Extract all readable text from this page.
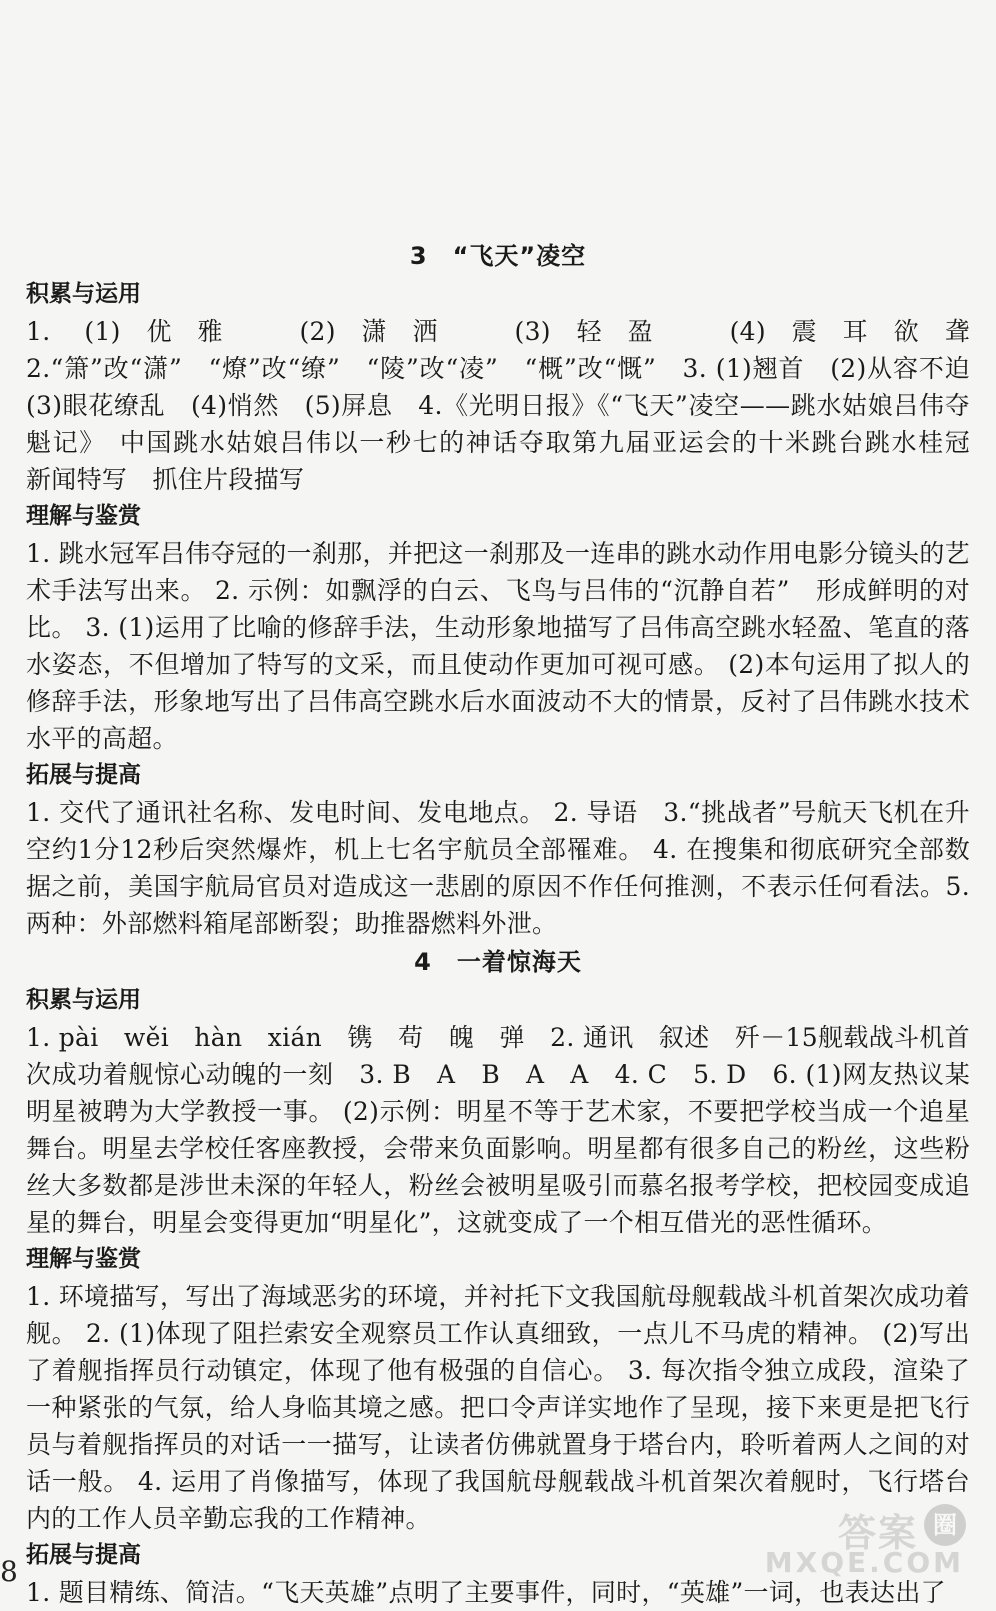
3　“飞天”凌空
积累与运用

1. (1)优雅　(2)潇洒　(3)轻盈　(4)震耳欲聋　2.“箫”改“潇”　“燎”改“缭”　“陵”改“凌”　“概”改“慨”　3. (1)翘首　(2)从容不迫　(3)眼花缭乱　(4)悄然　(5)屏息　4.《光明日报》《“飞天”凌空——跳水姑娘吕伟夺魁记》　中国跳水姑娘吕伟以一秒七的神话夺取第九届亚运会的十米跳台跳水桂冠　新闻特写　抓住片段描写

理解与鉴赏

1. 跳水冠军吕伟夺冠的一刹那，并把这一刹那及一连串的跳水动作用电影分镜头的艺术手法写出来。 2. 示例：如飘浮的白云、飞鸟与吕伟的“沉静自若”　形成鲜明的对比。 3. (1)运用了比喻的修辞手法，生动形象地描写了吕伟高空跳水轻盈、笔直的落水姿态，不但增加了特写的文采，而且使动作更加可视可感。 (2)本句运用了拟人的修辞手法，形象地写出了吕伟高空跳水后水面波动不大的情景，反衬了吕伟跳水技术水平的高超。

拓展与提高

1. 交代了通讯社名称、发电时间、发电地点。 2. 导语　3.“挑战者”号航天飞机在升空约1分12秒后突然爆炸，机上七名宇航员全部罹难。 4. 在搜集和彻底研究全部数据之前，美国宇航局官员对造成这一悲剧的原因不作任何推测，不表示任何看法。5. 两种：外部燃料箱尾部断裂；助推器燃料外泄。

4　一着惊海天
积累与运用

1. pài　wěi　hàn　xián　镌　苟　魄　弹　2. 通讯　叙述　歼－15舰载战斗机首次成功着舰惊心动魄的一刻　3. B　A　B　A　A　4. C　5. D　6. (1)网友热议某明星被聘为大学教授一事。 (2)示例：明星不等于艺术家，不要把学校当成一个追星舞台。明星去学校任客座教授，会带来负面影响。明星都有很多自己的粉丝，这些粉丝大多数都是涉世未深的年轻人，粉丝会被明星吸引而慕名报考学校，把校园变成追星的舞台，明星会变得更加“明星化”，这就变成了一个相互借光的恶性循环。

理解与鉴赏

1. 环境描写，写出了海域恶劣的环境，并衬托下文我国航母舰载战斗机首架次成功着舰。 2. (1)体现了阻拦索安全观察员工作认真细致，一点儿不马虎的精神。 (2)写出了着舰指挥员行动镇定，体现了他有极强的自信心。 3. 每次指令独立成段，渲染了一种紧张的气氛，给人身临其境之感。把口令声详实地作了呈现，接下来更是把飞行员与着舰指挥员的对话一一描写，让读者仿佛就置身于塔台内，聆听着两人之间的对话一般。 4. 运用了肖像描写，体现了我国航母舰载战斗机首架次着舰时，飞行塔台内的工作人员辛勤忘我的工作精神。

拓展与提高

1. 题目精练、简洁。“飞天英雄”点明了主要事件，同时，“英雄”一词，也表达出了

8
答案 圈
MXQE.COM
